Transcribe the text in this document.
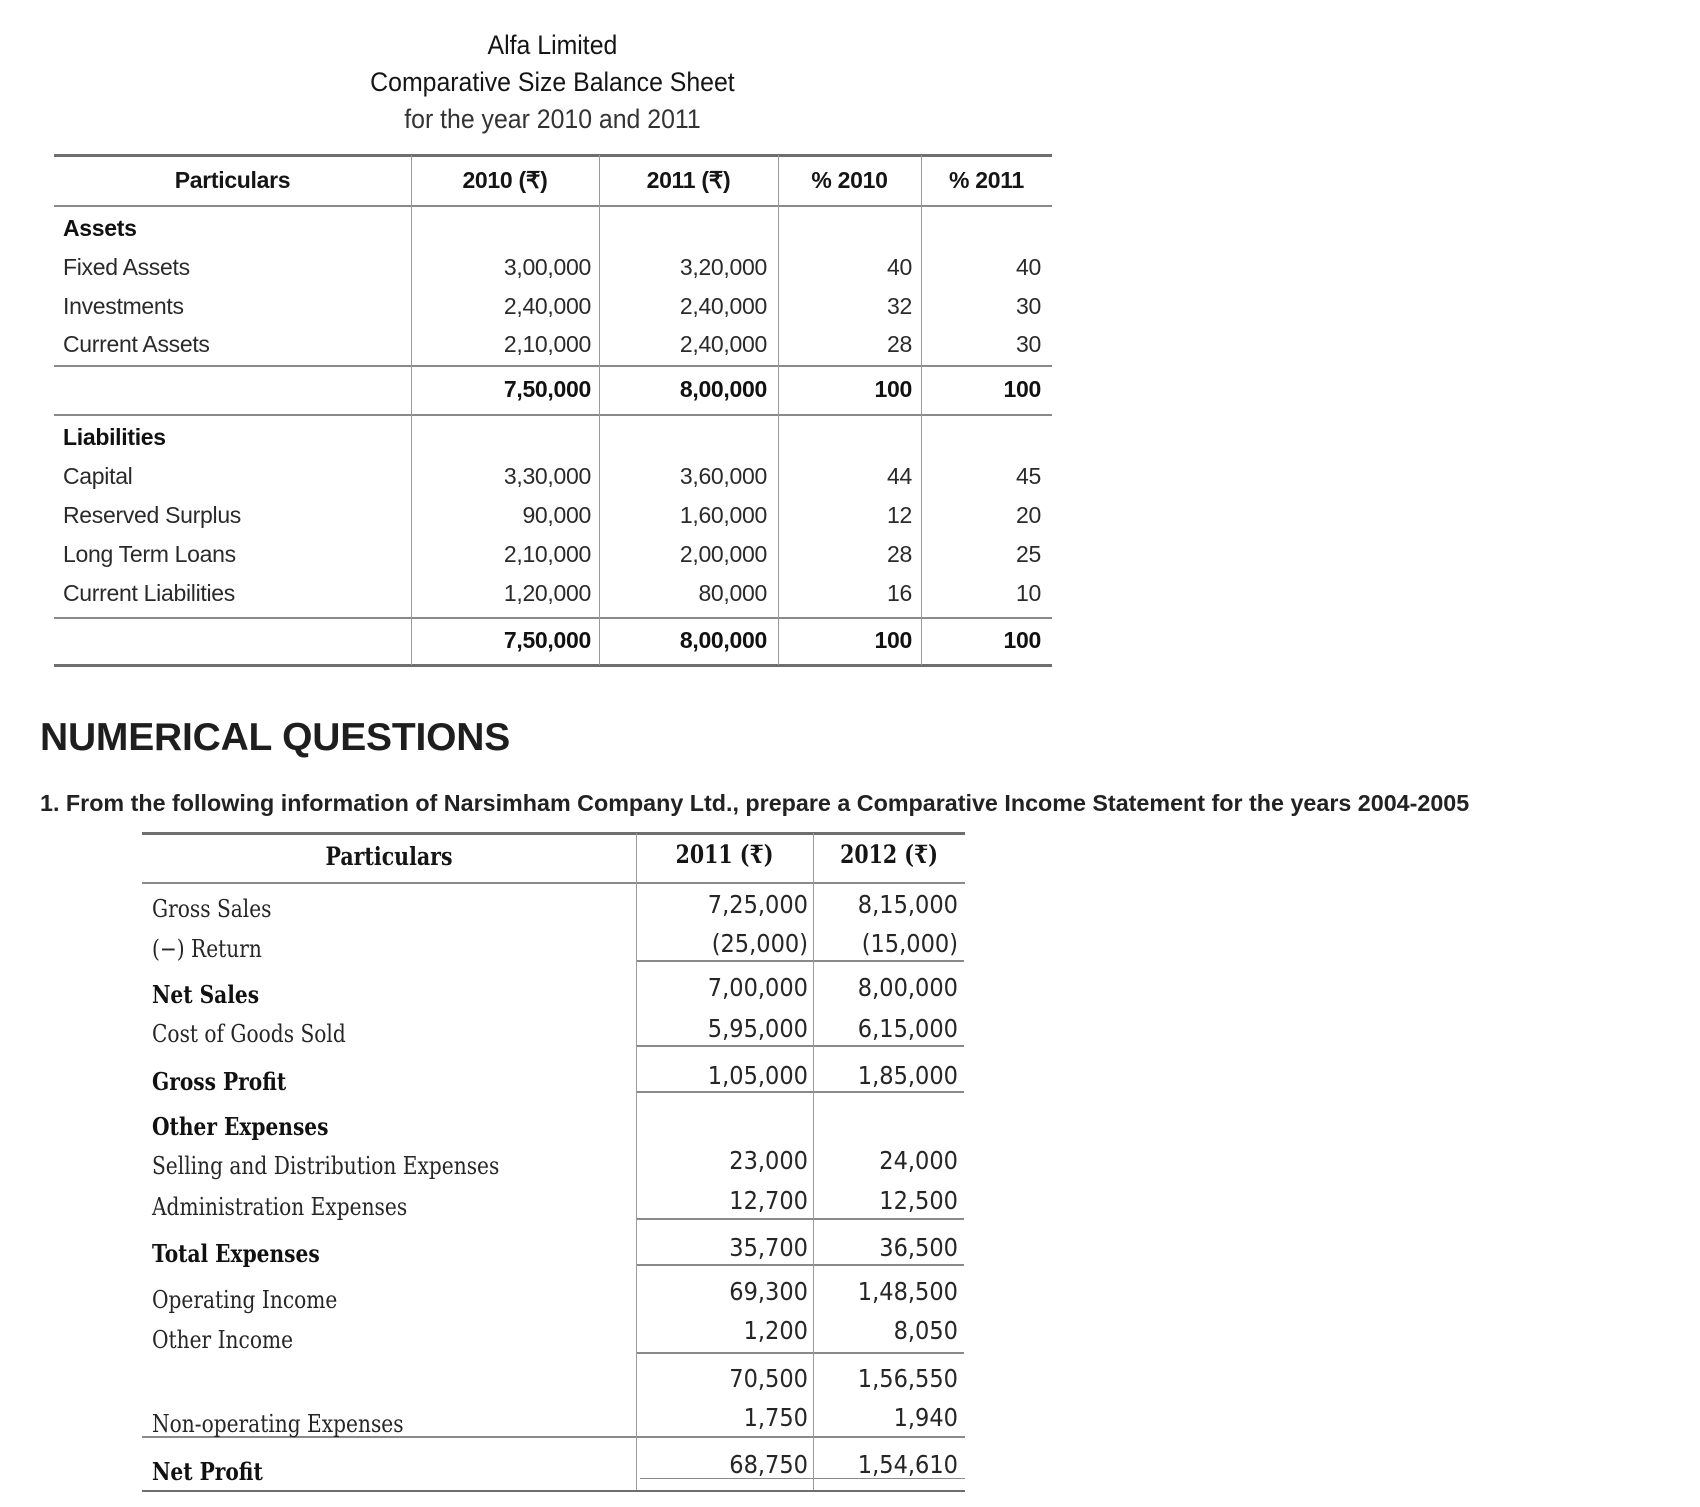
Alfa Limited
Comparative Size Balance Sheet
for the year 2010 and 2011
Particulars	2010 (₹)	2011 (₹)	% 2010	% 2011
Assets
Fixed Assets	3,00,000	3,20,000	40	40
Investments	2,40,000	2,40,000	32	30
Current Assets	2,10,000	2,40,000	28	30
7,50,000	8,00,000	100	100
Liabilities
Capital	3,30,000	3,60,000	44	45
Reserved Surplus	90,000	1,60,000	12	20
Long Term Loans	2,10,000	2,00,000	28	25
Current Liabilities	1,20,000	80,000	16	10
7,50,000	8,00,000	100	100
NUMERICAL QUESTIONS
1. From the following information of Narsimham Company Ltd., prepare a Comparative Income Statement for the years 2004-2005
Particulars	2011 (₹)	2012 (₹)
Gross Sales	7,25,000	8,15,000
(−) Return	(25,000)	(15,000)
Net Sales	7,00,000	8,00,000
Cost of Goods Sold	5,95,000	6,15,000
Gross Profit	1,05,000	1,85,000
Other Expenses
Selling and Distribution Expenses	23,000	24,000
Administration Expenses	12,700	12,500
Total Expenses	35,700	36,500
Operating Income	69,300	1,48,500
Other Income	1,200	8,050
70,500	1,56,550
Non-operating Expenses	1,750	1,940
Net Profit	68,750	1,54,610
